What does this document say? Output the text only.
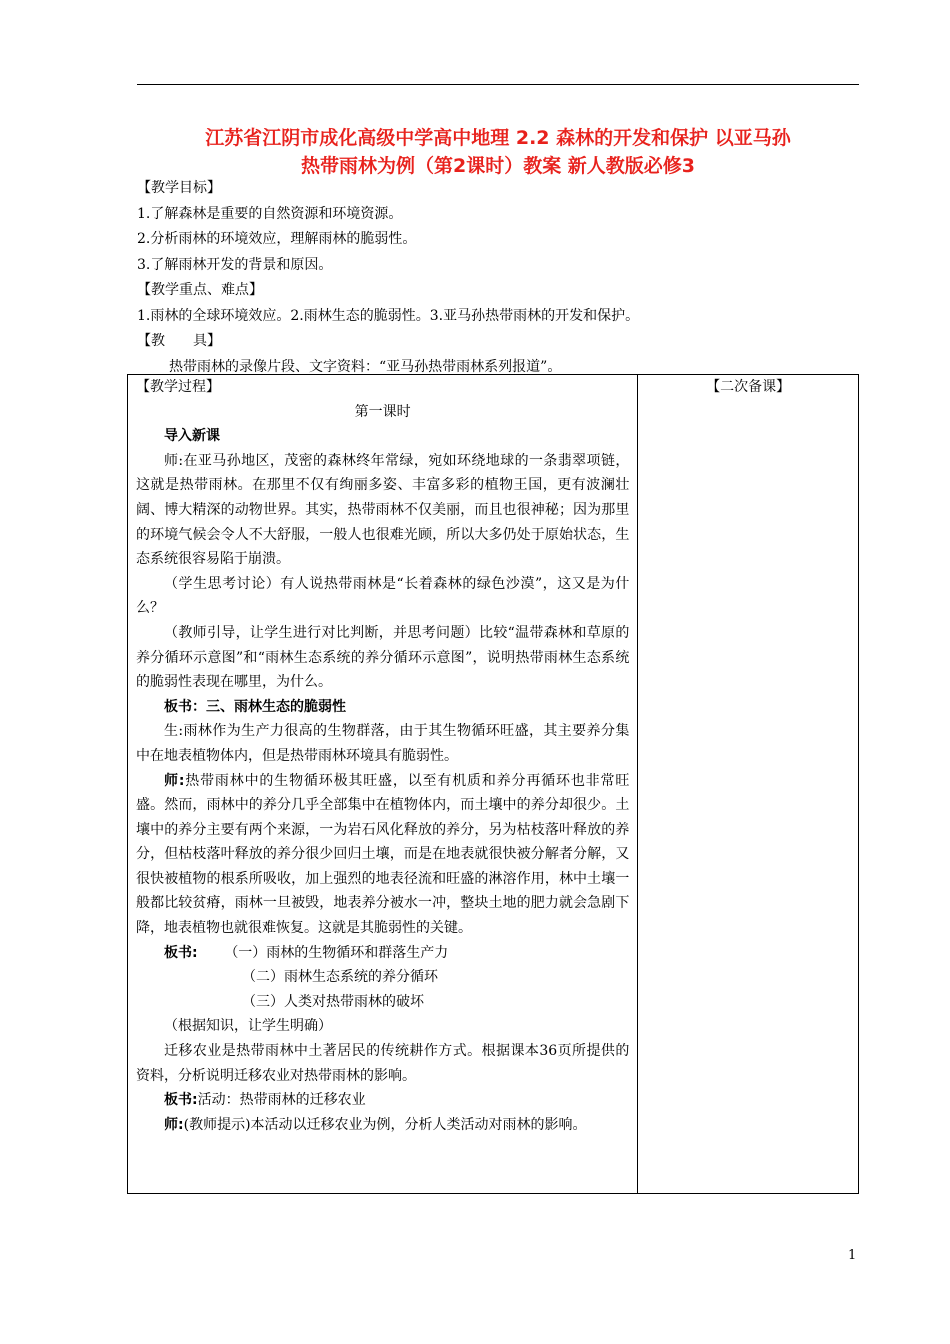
江苏省江阴市成化高级中学高中地理 2.2 森林的开发和保护 以亚马孙
热带雨林为例（第2课时）教案 新人教版必修3
【教学目标】
1.了解森林是重要的自然资源和环境资源。
2.分析雨林的环境效应，理解雨林的脆弱性。
3.了解雨林开发的背景和原因。
【教学重点、难点】
1.雨林的全球环境效应。2.雨林生态的脆弱性。3.亚马孙热带雨林的开发和保护。
【教　　具】
热带雨林的录像片段、文字资料：“亚马孙热带雨林系列报道”。
【教学过程】
第一课时
导入新课
师:在亚马孙地区，茂密的森林终年常绿，宛如环绕地球的一条翡翠项链，这就是热带雨林。在那里不仅有绚丽多姿、丰富多彩的植物王国，更有波澜壮阔、博大精深的动物世界。其实，热带雨林不仅美丽，而且也很神秘；因为那里的环境气候会令人不大舒服，一般人也很难光顾，所以大多仍处于原始状态，生态系统很容易陷于崩溃。
（学生思考讨论）有人说热带雨林是“长着森林的绿色沙漠”，这又是为什么？
（教师引导，让学生进行对比判断，并思考问题）比较“温带森林和草原的养分循环示意图”和“雨林生态系统的养分循环示意图”，说明热带雨林生态系统的脆弱性表现在哪里，为什么。
板书：三、雨林生态的脆弱性
生:雨林作为生产力很高的生物群落，由于其生物循环旺盛，其主要养分集中在地表植物体内，但是热带雨林环境具有脆弱性。
师:热带雨林中的生物循环极其旺盛，以至有机质和养分再循环也非常旺盛。然而，雨林中的养分几乎全部集中在植物体内，而土壤中的养分却很少。土壤中的养分主要有两个来源，一为岩石风化释放的养分，另为枯枝落叶释放的养分，但枯枝落叶释放的养分很少回归土壤，而是在地表就很快被分解者分解，又很快被植物的根系所吸收，加上强烈的地表径流和旺盛的淋溶作用，林中土壤一般都比较贫瘠，雨林一旦被毁，地表养分被水一冲，整块土地的肥力就会急剧下降，地表植物也就很难恢复。这就是其脆弱性的关键。
板书: （一）雨林的生物循环和群落生产力
（二）雨林生态系统的养分循环
（三）人类对热带雨林的破坏
（根据知识，让学生明确）
迁移农业是热带雨林中土著居民的传统耕作方式。根据课本36页所提供的资料，分析说明迁移农业对热带雨林的影响。
板书:活动：热带雨林的迁移农业
师:(教师提示)本活动以迁移农业为例，分析人类活动对雨林的影响。

【二次备课】
1
